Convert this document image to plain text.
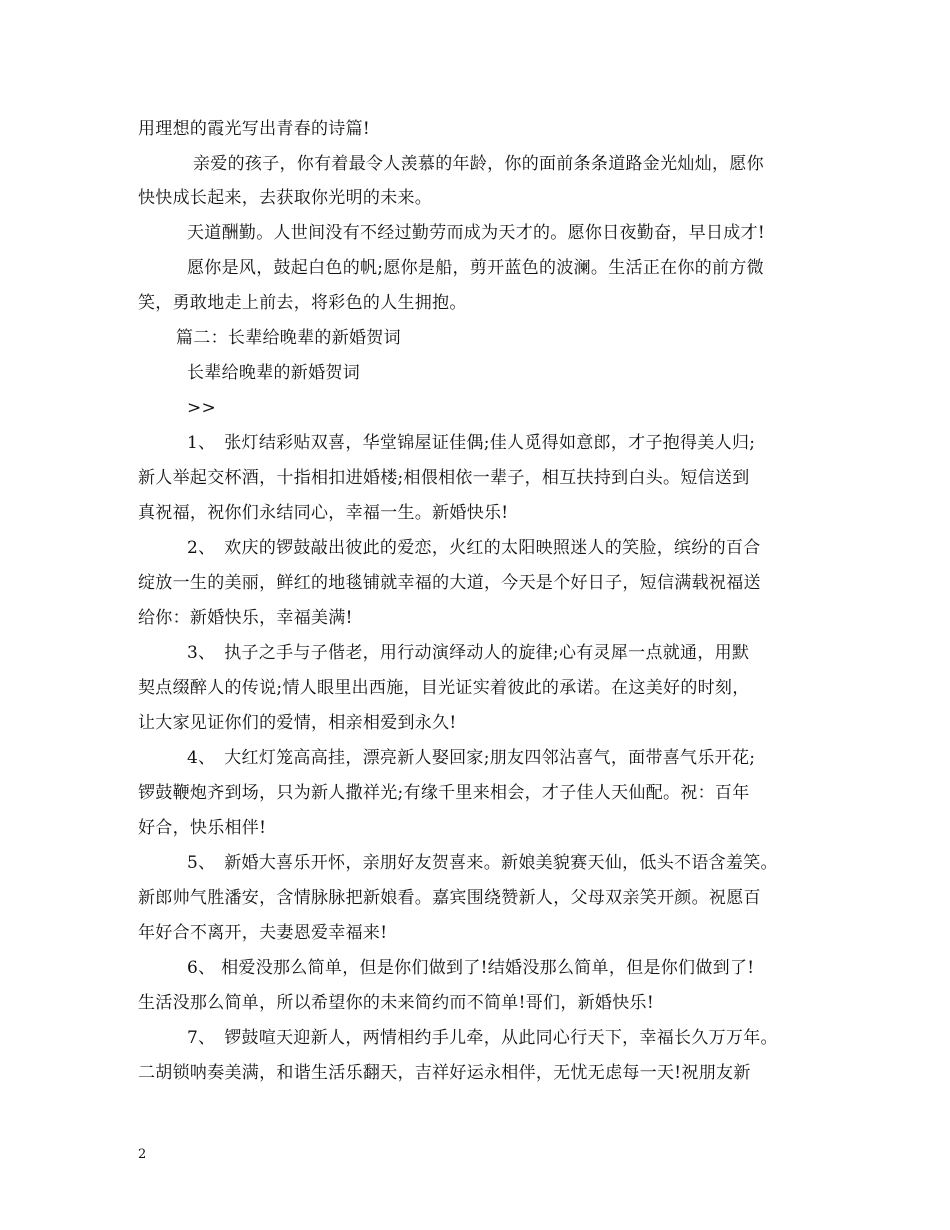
用理想的霞光写出青春的诗篇!
亲爱的孩子，你有着最令人羡慕的年龄，你的面前条条道路金光灿灿，愿你
快快成长起来，去获取你光明的未来。
天道酬勤。人世间没有不经过勤劳而成为天才的。愿你日夜勤奋，早日成才!
愿你是风，鼓起白色的帆;愿你是船，剪开蓝色的波澜。生活正在你的前方微
笑，勇敢地走上前去，将彩色的人生拥抱。
篇二：长辈给晚辈的新婚贺词
长辈给晚辈的新婚贺词
>>
1、　张灯结彩贴双喜，华堂锦屋证佳偶;佳人觅得如意郎，才子抱得美人归;
新人举起交杯酒，十指相扣进婚楼;相偎相依一辈子，相互扶持到白头。短信送到
真祝福，祝你们永结同心，幸福一生。新婚快乐!
2、　欢庆的锣鼓敲出彼此的爱恋，火红的太阳映照迷人的笑脸，缤纷的百合
绽放一生的美丽，鲜红的地毯铺就幸福的大道，今天是个好日子，短信满载祝福送
给你：新婚快乐，幸福美满!
3、　执子之手与子偕老，用行动演绎动人的旋律;心有灵犀一点就通，用默
契点缀醉人的传说;情人眼里出西施，目光证实着彼此的承诺。在这美好的时刻，
让大家见证你们的爱情，相亲相爱到永久!
4、　大红灯笼高高挂，漂亮新人娶回家;朋友四邻沾喜气，面带喜气乐开花;
锣鼓鞭炮齐到场，只为新人撒祥光;有缘千里来相会，才子佳人天仙配。祝：百年
好合，快乐相伴!
5、　新婚大喜乐开怀，亲朋好友贺喜来。新娘美貌赛天仙，低头不语含羞笑。
新郎帅气胜潘安，含情脉脉把新娘看。嘉宾围绕赞新人，父母双亲笑开颜。祝愿百
年好合不离开，夫妻恩爱幸福来!
6、 相爱没那么简单，但是你们做到了!结婚没那么简单，但是你们做到了!
生活没那么简单，所以希望你的未来简约而不简单!哥们，新婚快乐!
7、　锣鼓喧天迎新人，两情相约手儿牵，从此同心行天下，幸福长久万万年。
二胡锁呐奏美满，和谐生活乐翻天，吉祥好运永相伴，无忧无虑每一天!祝朋友新
2
